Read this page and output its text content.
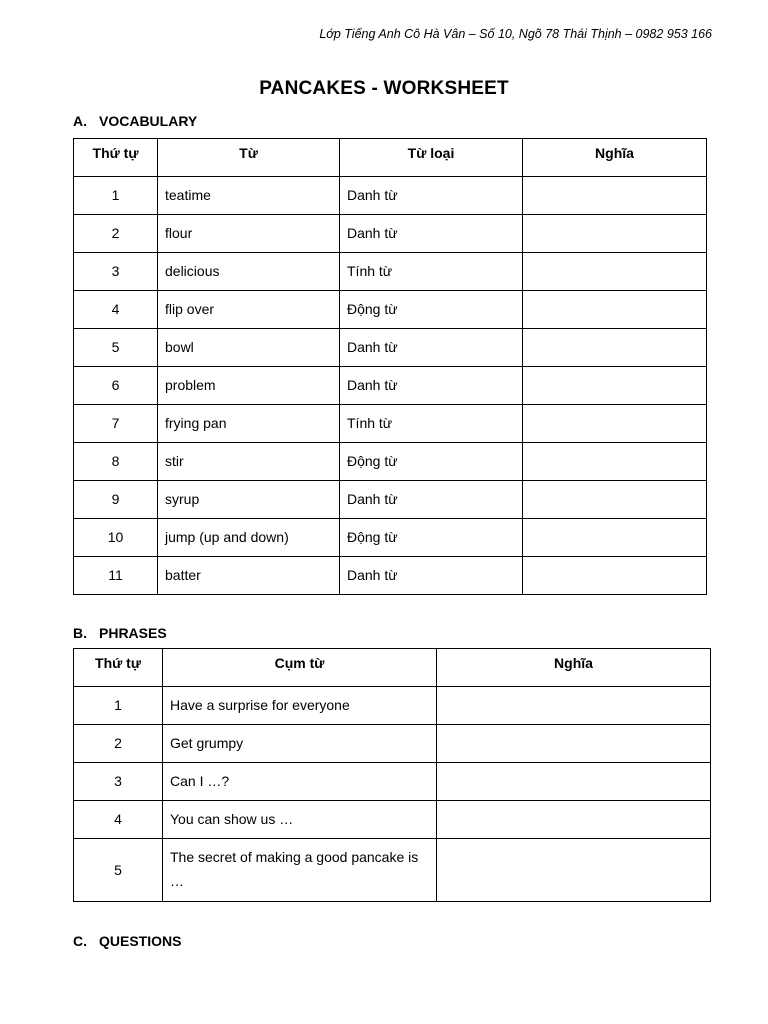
Lớp Tiếng Anh Cô Hà Vân – Số 10, Ngõ 78 Thái Thịnh – 0982 953 166
PANCAKES - WORKSHEET
A. VOCABULARY
Thứ tự	Từ	Từ loại	Nghĩa
1	teatime	Danh từ	
2	flour	Danh từ	
3	delicious	Tính từ	
4	flip over	Động từ	
5	bowl	Danh từ	
6	problem	Danh từ	
7	frying pan	Tính từ	
8	stir	Động từ	
9	syrup	Danh từ	
10	jump (up and down)	Động từ	
11	batter	Danh từ	
B. PHRASES
Thứ tự	Cụm từ	Nghĩa
1	Have a surprise for everyone	
2	Get grumpy	
3	Can I …?	
4	You can show us …	
5	The secret of making a good pancake is …	
C. QUESTIONS
